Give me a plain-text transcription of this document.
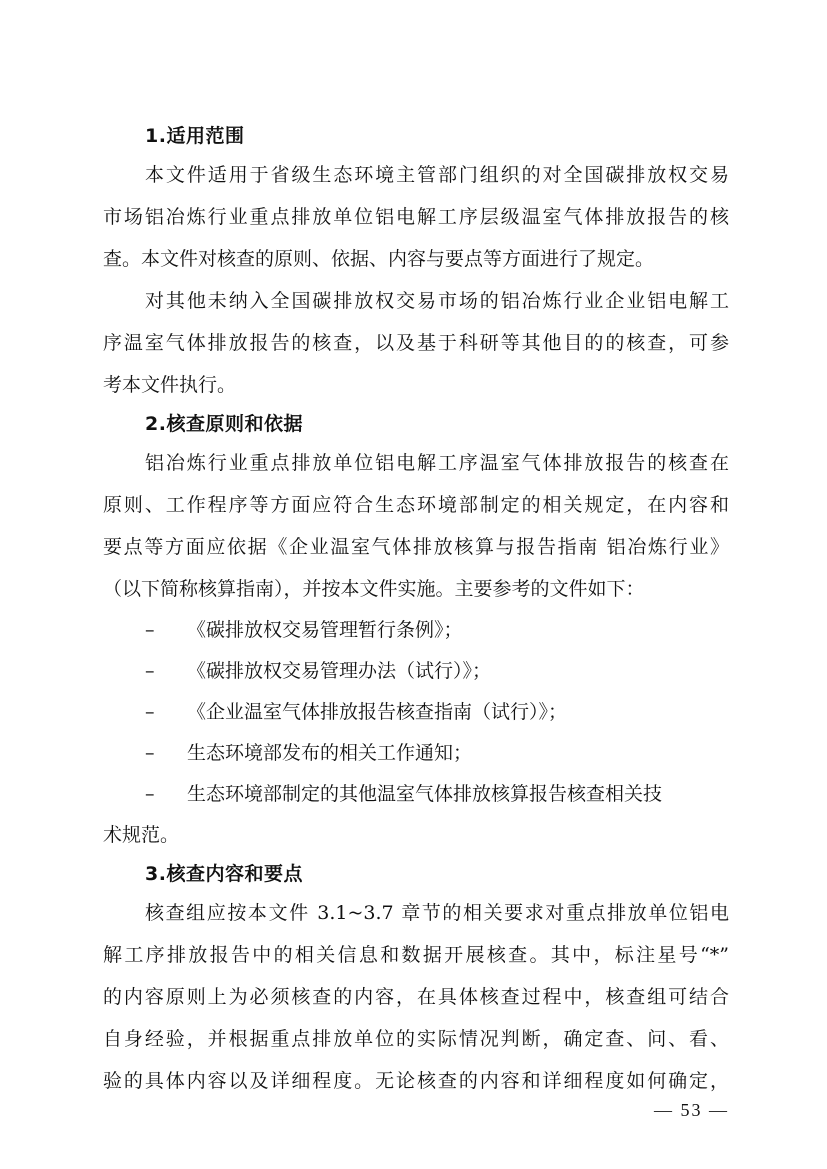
1.适用范围
本文件适用于省级生态环境主管部门组织的对全国碳排放权交易
市场铝冶炼行业重点排放单位铝电解工序层级温室气体排放报告的核
查。本文件对核查的原则、依据、内容与要点等方面进行了规定。
对其他未纳入全国碳排放权交易市场的铝冶炼行业企业铝电解工
序温室气体排放报告的核查，以及基于科研等其他目的的核查，可参
考本文件执行。
2.核查原则和依据
铝冶炼行业重点排放单位铝电解工序温室气体排放报告的核查在
原则、工作程序等方面应符合生态环境部制定的相关规定，在内容和
要点等方面应依据《企业温室气体排放核算与报告指南 铝冶炼行业》
（以下简称核算指南），并按本文件实施。主要参考的文件如下：
– 《碳排放权交易管理暂行条例》；
– 《碳排放权交易管理办法（试行）》；
– 《企业温室气体排放报告核查指南（试行）》；
– 生态环境部发布的相关工作通知；
– 生态环境部制定的其他温室气体排放核算报告核查相关技
术规范。
3.核查内容和要点
核查组应按本文件 3.1~3.7 章节的相关要求对重点排放单位铝电
解工序排放报告中的相关信息和数据开展核查。其中，标注星号“*”
的内容原则上为必须核查的内容，在具体核查过程中，核查组可结合
自身经验，并根据重点排放单位的实际情况判断，确定查、问、看、
验的具体内容以及详细程度。无论核查的内容和详细程度如何确定，
— 53 —
